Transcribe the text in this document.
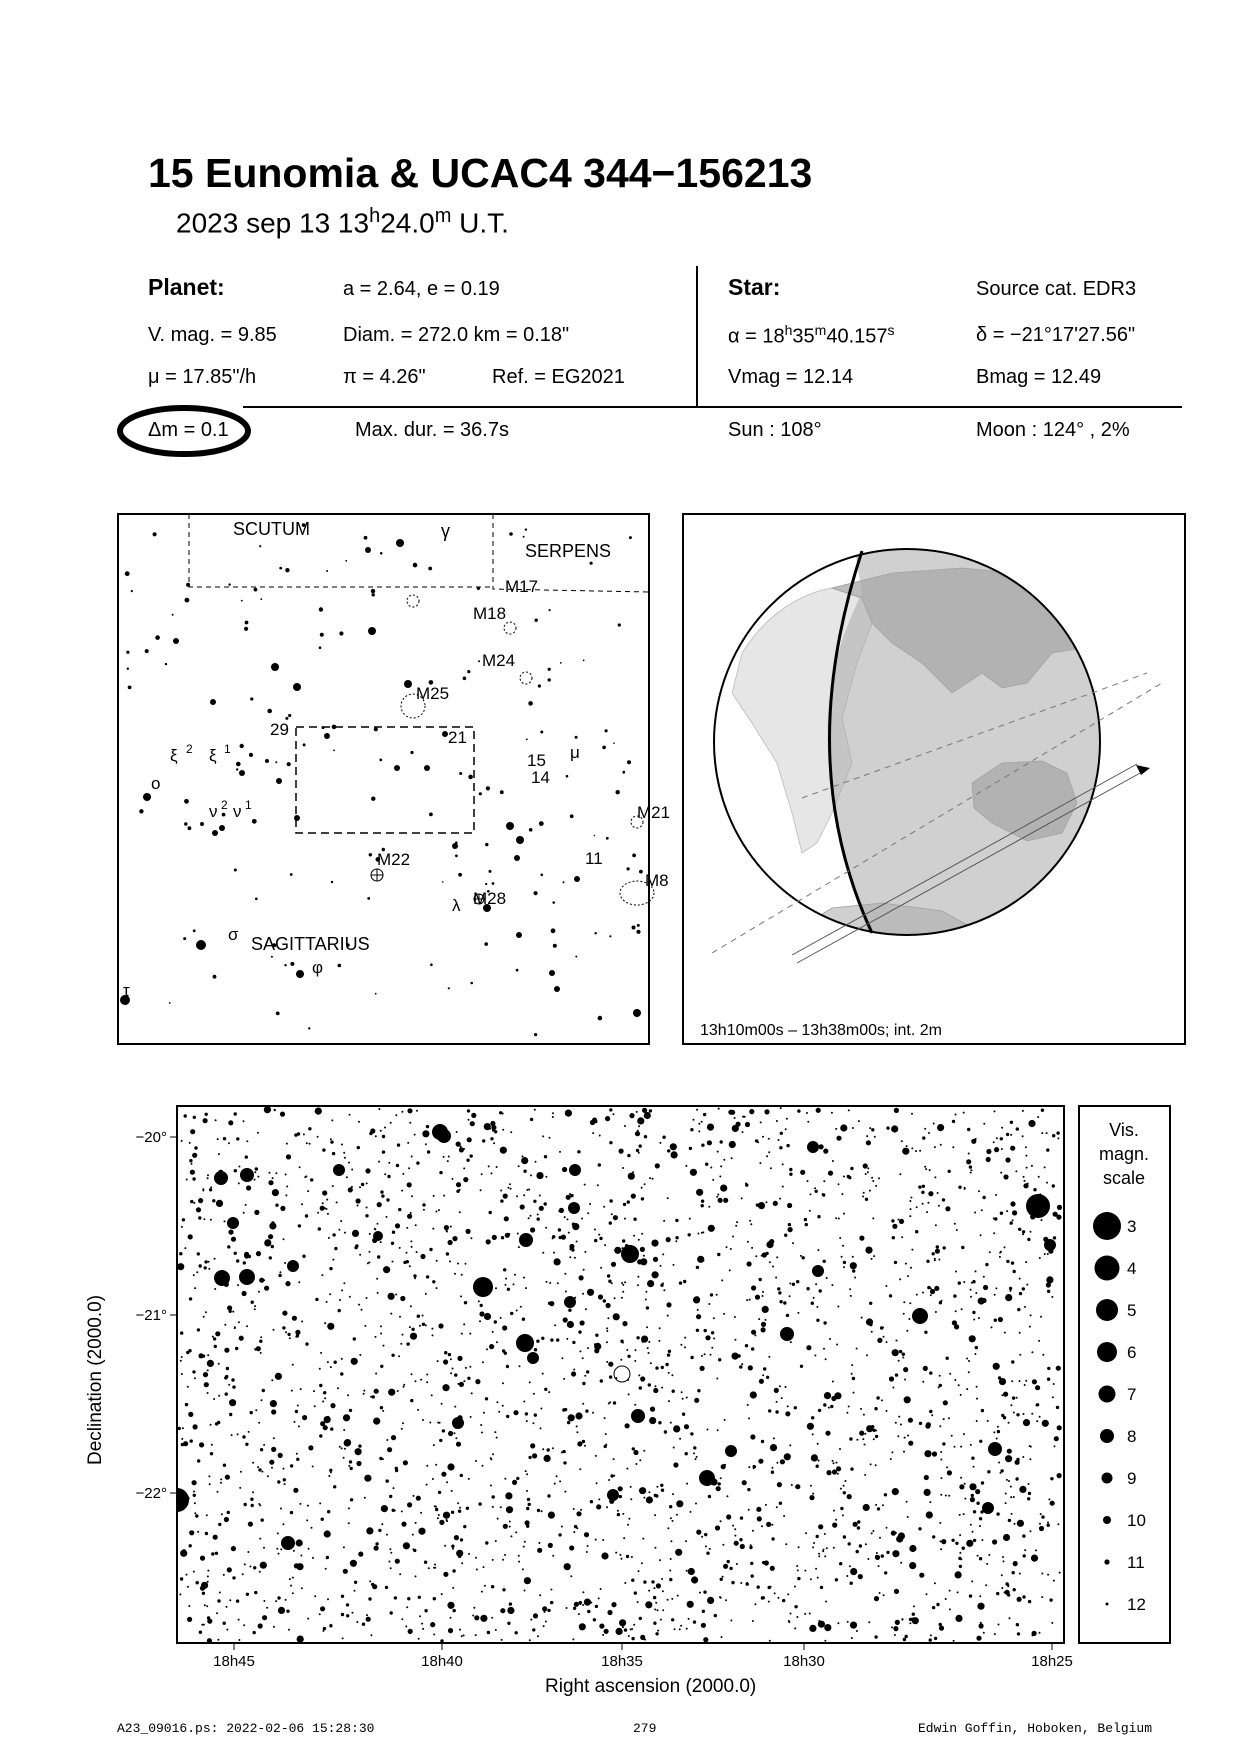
15 Eunomia & UCAC4 344−156213
2023 sep 13 13$^h$24.0$^m$ U.T.
Planet:	a = 2.64, e = 0.19
V. mag. = 9.85	Diam. = 272.0 km = 0.18"
μ = 17.85"/h	π = 4.26"	Ref. = EG2021
Δm = 0.1	Max. dur. = 36.7s
Star:	Source cat. EDR3
$\alpha = 18^h35^m40.157^s$	δ = −21°17'27.56"
Vmag = 12.14	Bmag = 12.49
Sun : 108°	Moon : 124° , 2%
SCUTUM
SERPENS
SAGITTARIUS
γ
M17
M18
M24
M25
29	21
15 μ
14
ξ 2 ξ 1
o
ν 2 ν 1	M21
M22	11
M8
λ M28
σ
φ
τ
13h10m00s – 13h38m00s; int. 2m
18h45	18h40	18h35	18h30	18h25
−20°
−21°
−22°
Right ascension (2000.0)
Declination (2000.0)
Vis.
magn.
scale
3
4
5
6
7
8
9
10
11
12
A23_09016.ps: 2022-02-06 15:28:30	279	Edwin Goffin, Hoboken, Belgium
